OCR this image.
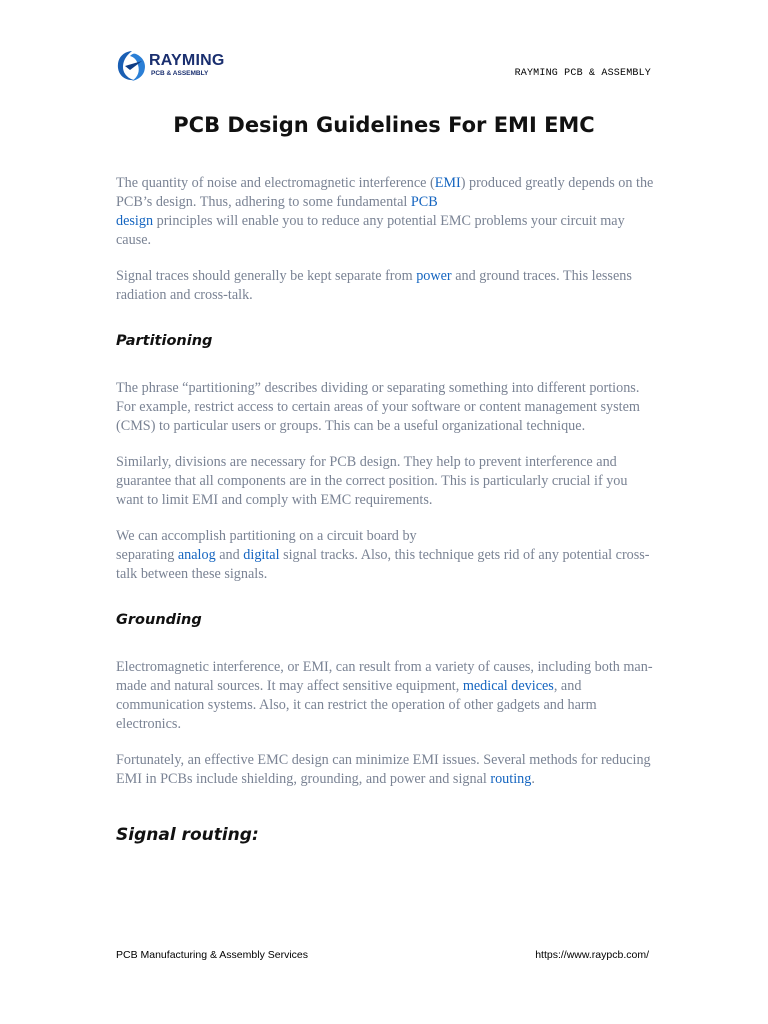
RAYMING
PCB & ASSEMBLY	RAYMING PCB & ASSEMBLY
PCB Design Guidelines For EMI EMC

The quantity of noise and electromagnetic interference (EMI) produced greatly depends on the PCB’s design. Thus, adhering to some fundamental PCB
design principles will enable you to reduce any potential EMC problems your circuit may cause.

Signal traces should generally be kept separate from power and ground traces. This lessens radiation and cross-talk.

Partitioning

The phrase “partitioning” describes dividing or separating something into different portions. For example, restrict access to certain areas of your software or content management system (CMS) to particular users or groups. This can be a useful organizational technique.

Similarly, divisions are necessary for PCB design. They help to prevent interference and guarantee that all components are in the correct position. This is particularly crucial if you want to limit EMI and comply with EMC requirements.

We can accomplish partitioning on a circuit board by
separating analog and digital signal tracks. Also, this technique gets rid of any potential cross-talk between these signals.

Grounding

Electromagnetic interference, or EMI, can result from a variety of causes, including both man-made and natural sources. It may affect sensitive equipment, medical devices, and communication systems. Also, it can restrict the operation of other gadgets and harm electronics.

Fortunately, an effective EMC design can minimize EMI issues. Several methods for reducing EMI in PCBs include shielding, grounding, and power and signal routing.

Signal routing:
PCB Manufacturing & Assembly Services	https://www.raypcb.com/
